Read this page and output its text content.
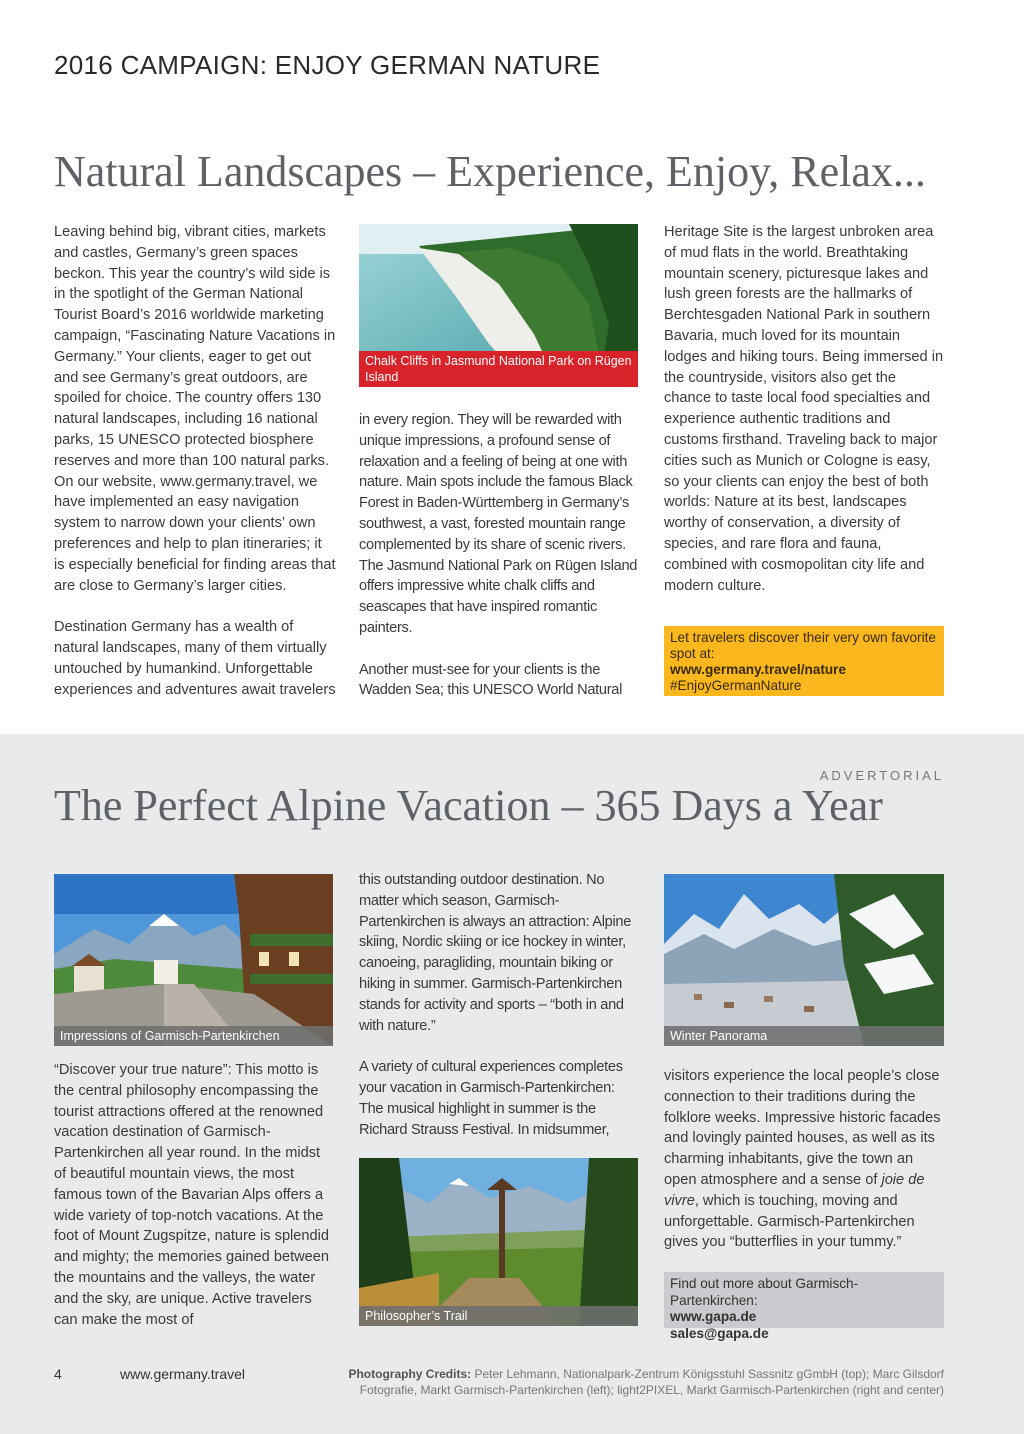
2016 CAMPAIGN: ENJOY GERMAN NATURE
Natural Landscapes – Experience, Enjoy, Relax...

Leaving behind big, vibrant cities, markets and castles, Germany’s green spaces beckon. This year the country’s wild side is in the spotlight of the German National Tourist Board’s 2016 worldwide marketing campaign, “Fascinating Nature Vacations in Germany.” Your clients, eager to get out and see Germany’s great outdoors, are spoiled for choice. The country offers 130 natural landscapes, including 16 national parks, 15 UNESCO protected biosphere reserves and more than 100 natural parks. On our website, www.germany.travel, we have implemented an easy navigation system to narrow down your clients’ own preferences and help to plan itineraries; it is especially beneficial for finding areas that are close to Germany’s larger cities.

Destination Germany has a wealth of natural landscapes, many of them virtually untouched by humankind. Unforgettable experiences and adventures await travelers

Chalk Cliffs in Jasmund National Park on Rügen Island

in every region. They will be rewarded with unique impressions, a profound sense of relaxation and a feeling of being at one with nature. Main spots include the famous Black Forest in Baden-Württemberg in Germany’s southwest, a vast, forested mountain range complemented by its share of scenic rivers. The Jasmund National Park on Rügen Island offers impressive white chalk cliffs and seascapes that have inspired romantic painters.

Another must-see for your clients is the Wadden Sea; this UNESCO World Natural

Heritage Site is the largest unbroken area of mud flats in the world. Breathtaking mountain scenery, picturesque lakes and lush green forests are the hallmarks of Berchtesgaden National Park in southern Bavaria, much loved for its mountain lodges and hiking tours. Being immersed in the countryside, visitors also get the chance to taste local food specialties and experience authentic traditions and customs firsthand. Traveling back to major cities such as Munich or Cologne is easy, so your clients can enjoy the best of both worlds: Nature at its best, landscapes worthy of conservation, a diversity of species, and rare flora and fauna, combined with cosmopolitan city life and modern culture.

Let travelers discover their very own favorite spot at:
www.germany.travel/nature
#EnjoyGermanNature
ADVERTORIAL
The Perfect Alpine Vacation – 365 Days a Year
Impressions of Garmisch-Partenkirchen

“Discover your true nature”: This motto is the central philosophy encompassing the tourist attractions offered at the renowned vacation destination of Garmisch-Partenkirchen all year round. In the midst of beautiful mountain views, the most famous town of the Bavarian Alps offers a wide variety of top-notch vacations. At the foot of Mount Zugspitze, nature is splendid and mighty; the memories gained between the mountains and the valleys, the water and the sky, are unique. Active travelers can make the most of

this outstanding outdoor destination. No matter which season, Garmisch-Partenkirchen is always an attraction: Alpine skiing, Nordic skiing or ice hockey in winter, canoeing, paragliding, mountain biking or hiking in summer. Garmisch-Partenkirchen stands for activity and sports – “both in and with nature.”

A variety of cultural experiences completes your vacation in Garmisch-Partenkirchen: The musical highlight in summer is the Richard Strauss Festival. In midsummer,

Philosopher’s Trail
Winter Panorama

visitors experience the local people’s close connection to their traditions during the folklore weeks. Impressive historic facades and lovingly painted houses, as well as its charming inhabitants, give the town an open atmosphere and a sense of joie de vivre, which is touching, moving and unforgettable. Garmisch-Partenkirchen gives you “butterflies in your tummy.”

Find out more about Garmisch-Partenkirchen:
www.gapa.de
sales@gapa.de
4	www.germany.travel	Photography Credits: Peter Lehmann, Nationalpark-Zentrum Königsstuhl Sassnitz gGmbH (top); Marc Gilsdorf Fotografie, Markt Garmisch-Partenkirchen (left); light2PIXEL, Markt Garmisch-Partenkirchen (right and center)
